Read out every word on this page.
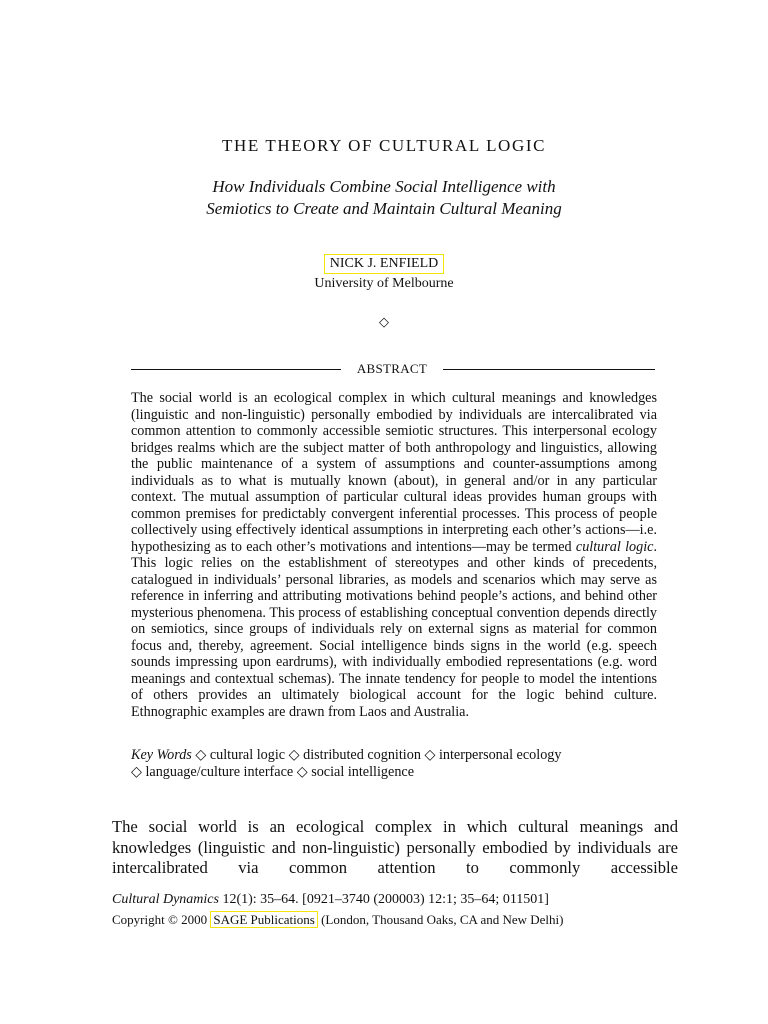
THE THEORY OF CULTURAL LOGIC
How Individuals Combine Social Intelligence with
Semiotics to Create and Maintain Cultural Meaning
NICK J. ENFIELD
University of Melbourne
◇
ABSTRACT

The social world is an ecological complex in which cultural meanings and knowledges (linguistic and non-linguistic) personally embodied by individuals are intercalibrated via common attention to commonly accessible semiotic structures. This interpersonal ecology bridges realms which are the subject matter of both anthropology and linguistics, allowing the public maintenance of a system of assumptions and counter-assumptions among individuals as to what is mutually known (about), in general and/or in any particular context. The mutual assumption of particular cultural ideas provides human groups with common premises for predictably convergent inferential processes. This process of people collectively using effectively identical assumptions in interpreting each other’s actions—i.e. hypothesizing as to each other’s motivations and intentions—may be termed cultural logic. This logic relies on the establishment of stereotypes and other kinds of precedents, catalogued in individuals’ personal libraries, as models and scenarios which may serve as reference in inferring and attributing motivations behind people’s actions, and behind other mysterious phenomena. This process of establishing conceptual convention depends directly on semiotics, since groups of individuals rely on external signs as material for common focus and, thereby, agreement. Social intelligence binds signs in the world (e.g. speech sounds impressing upon eardrums), with individually embodied representations (e.g. word meanings and contextual schemas). The innate tendency for people to model the intentions of others provides an ultimately biological account for the logic behind culture. Ethnographic examples are drawn from Laos and Australia.

Key Words ◇ cultural logic ◇ distributed cognition ◇ interpersonal ecology
◇ language/culture interface ◇ social intelligence
The social world is an ecological complex in which cultural meanings and knowledges (linguistic and non-linguistic) personally embodied by individuals are intercalibrated via common attention to commonly accessible
Cultural Dynamics 12(1): 35–64. [0921–3740 (200003) 12:1; 35–64; 011501]
Copyright © 2000 SAGE Publications (London, Thousand Oaks, CA and New Delhi)
